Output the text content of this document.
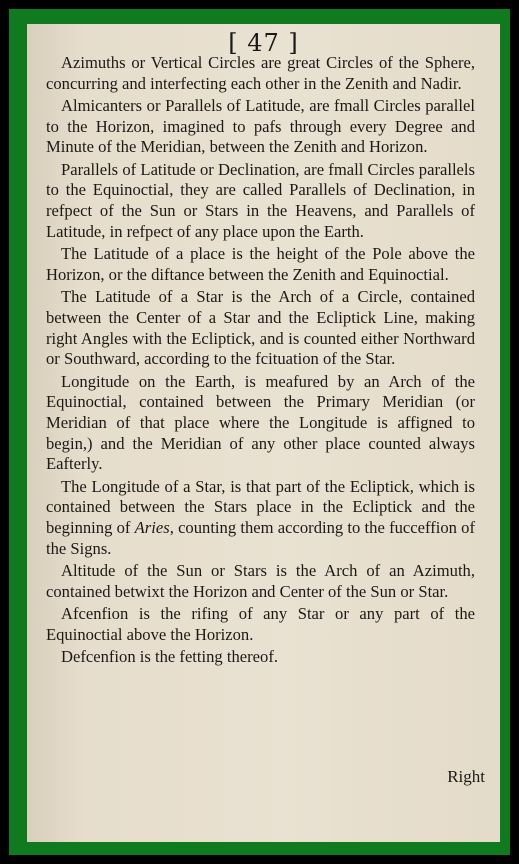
[ 47 ]

Azimuths or Vertical Circles are great Circles of the Sphere, concurring and interfecting each other in the Zenith and Nadir.

Almicanters or Parallels of Latitude, are fmall Circles parallel to the Horizon, imagined to pafs through every Degree and Minute of the Meridian, between the Zenith and Horizon.

Parallels of Latitude or Declination, are fmall Circles parallels to the Equinoctial, they are called Parallels of Declination, in refpect of the Sun or Stars in the Heavens, and Parallels of Latitude, in refpect of any place upon the Earth.

The Latitude of a place is the height of the Pole above the Horizon, or the diftance between the Zenith and Equinoctial.

The Latitude of a Star is the Arch of a Circle, contained between the Center of a Star and the Ecliptick Line, making right Angles with the Ecliptick, and is counted either Northward or Southward, according to the fcituation of the Star.

Longitude on the Earth, is meafured by an Arch of the Equinoctial, contained between the Primary Meridian (or Meridian of that place where the Longitude is affigned to begin,) and the Meridian of any other place counted always Eafterly.

The Longitude of a Star, is that part of the Ecliptick, which is contained between the Stars place in the Ecliptick and the beginning of Aries, counting them according to the fucceffion of the Signs.

Altitude of the Sun or Stars is the Arch of an Azimuth, contained betwixt the Horizon and Center of the Sun or Star.

Afcenfion is the rifing of any Star or any part of the Equinoctial above the Horizon.

Defcenfion is the fetting thereof.

Right
